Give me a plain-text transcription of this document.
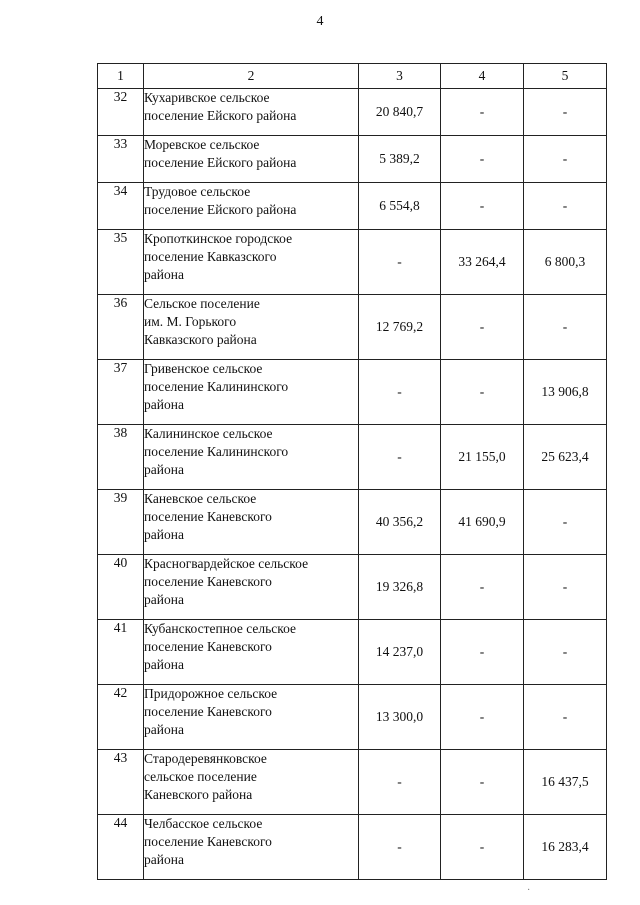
4
1	2	3	4	5
32	Кухаривское сельское
поселение Ейского района	20 840,7	-	-
33	Моревское сельское
поселение Ейского района	5 389,2	-	-
34	Трудовое сельское
поселение Ейского района	6 554,8	-	-
35	Кропоткинское городское
поселение Кавказского
района	-	33 264,4	6 800,3
36	Сельское поселение
им. М. Горького
Кавказского района	12 769,2	-	-
37	Гривенское сельское
поселение Калининского
района	-	-	13 906,8
38	Калининское сельское
поселение Калининского
района	-	21 155,0	25 623,4
39	Каневское сельское
поселение Каневского
района	40 356,2	41 690,9	-
40	Красногвардейское сельское
поселение Каневского
района	19 326,8	-	-
41	Кубанскостепное сельское
поселение Каневского
района	14 237,0	-	-
42	Придорожное сельское
поселение Каневского
района	13 300,0	-	-
43	Стародеревянковское
сельское поселение
Каневского района	-	-	16 437,5
44	Челбасское сельское
поселение Каневского
района	-	-	16 283,4
·
